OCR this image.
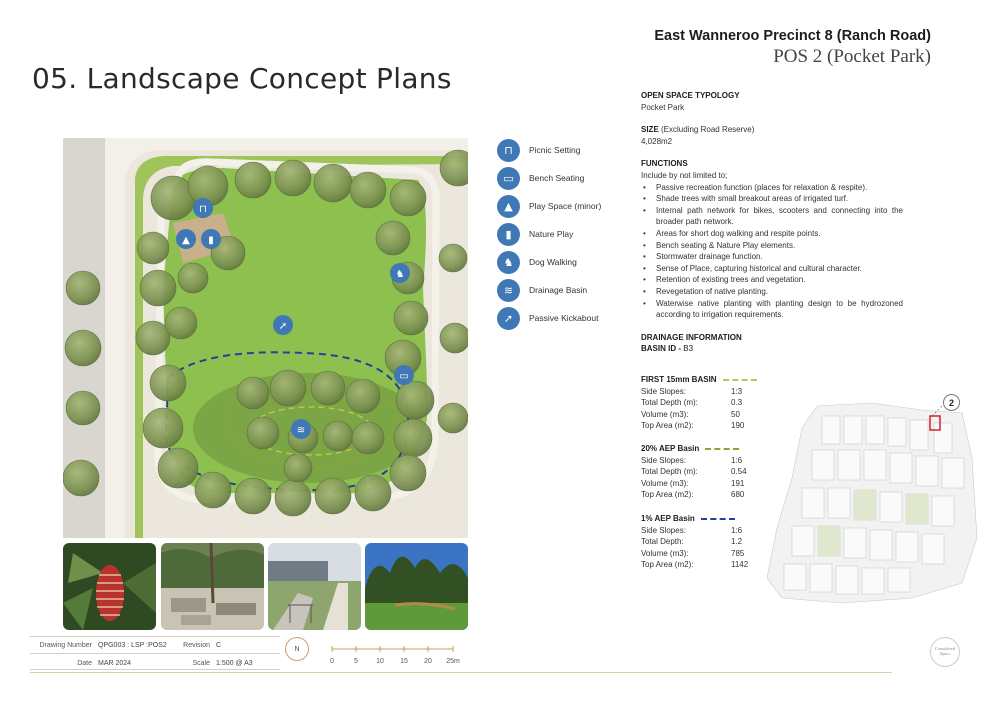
East Wanneroo Precinct 8 (Ranch Road)
POS 2 (Pocket Park)
05. Landscape Concept Plans
⊓
▲ ▮
➚
♞
▭
≋
⊓	Picnic Setting
▭	Bench Seating
▲	Play Space (minor)
▮	Nature Play
♞	Dog Walking
≋	Drainage Basin
➚	Passive Kickabout
Drawing Number QPG003 : LSP :POS2	Revision C
Date MAR 2024	Scale 1:500 @ A3
N
0	5	10 15 20 25m
Considered Space
OPEN SPACE TYPOLOGY
Pocket Park
SIZE (Excluding Road Reserve)
4,028m2
FUNCTIONS
Include by not limited to;
• Passive recreation function (places for relaxation & respite).
• Shade trees with small breakout areas of irrigated turf.
• Internal path network for bikes, scooters and connecting into the broader path network.
• Areas for short dog walking and respite points.
• Bench seating & Nature Play elements.
• Stormwater drainage function.
• Sense of Place, capturing historical and cultural character.
• Retention of existing trees and vegetation.
• Revegetation of native planting.
• Waterwise native planting with planting design to be hydrozoned according to irrigation requirements.
DRAINAGE INFORMATION
BASIN ID - B3
FIRST 15mm BASIN
Side Slopes:	1:3
Total Depth (m):	0.3
Volume (m3):	50
Top Area (m2):	190
20% AEP Basin
Side Slopes:	1:6
Total Depth (m):	0.54
Volume (m3):	191
Top Area (m2):	680
1% AEP Basin
Side Slopes:	1:6
Total Depth:	1.2
Volume (m3):	785
Top Area (m2):	1142
2
